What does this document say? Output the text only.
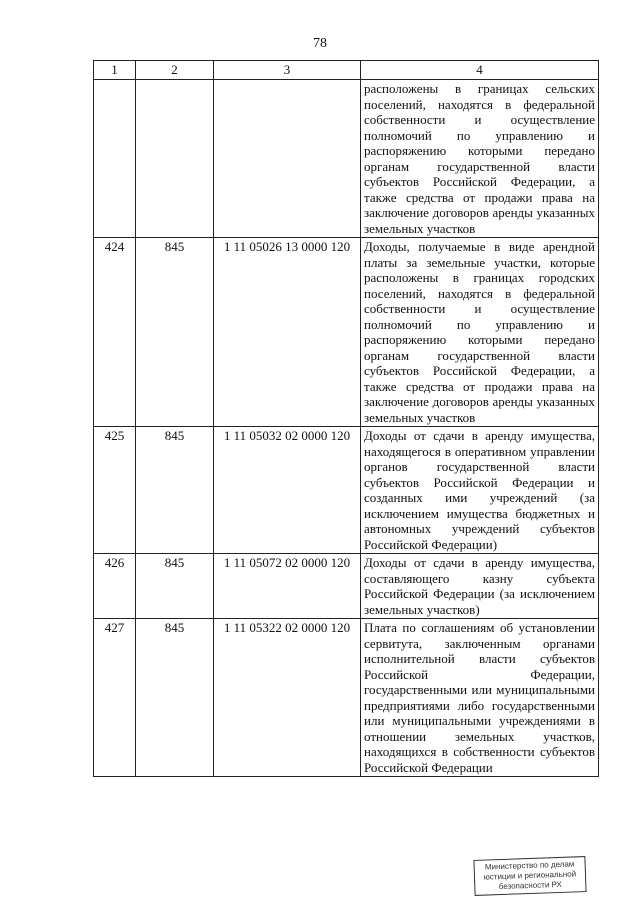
78
1	2	3	4
			расположены в границах сельских поселений, находятся в федеральной собственности и осуществление полномочий по управлению и распоряжению которыми передано органам государственной власти субъектов Российской Федерации, а также средства от продажи права на заключение договоров аренды указанных земельных участков
424	845	1 11 05026 13 0000 120	Доходы, получаемые в виде арендной платы за земельные участки, которые расположены в границах городских поселений, находятся в федеральной собственности и осуществление полномочий по управлению и распоряжению которыми передано органам государственной власти субъектов Российской Федерации, а также средства от продажи права на заключение договоров аренды указанных земельных участков
425	845	1 11 05032 02 0000 120	Доходы от сдачи в аренду имущества, находящегося в оперативном управлении органов государственной власти субъектов Российской Федерации и созданных ими учреждений (за исключением имущества бюджетных и автономных учреждений субъектов Российской Федерации)
426	845	1 11 05072 02 0000 120	Доходы от сдачи в аренду имущества, составляющего казну субъекта Российской Федерации (за исключением земельных участков)
427	845	1 11 05322 02 0000 120	Плата по соглашениям об установлении сервитута, заключенным органами исполнительной власти субъектов Российской Федерации, государственными или муниципальными предприятиями либо государственными или муниципальными учреждениями в отношении земельных участков, находящихся в собственности субъектов Российской Федерации
Министерство по делам
юстиции и региональной
безопасности РХ
